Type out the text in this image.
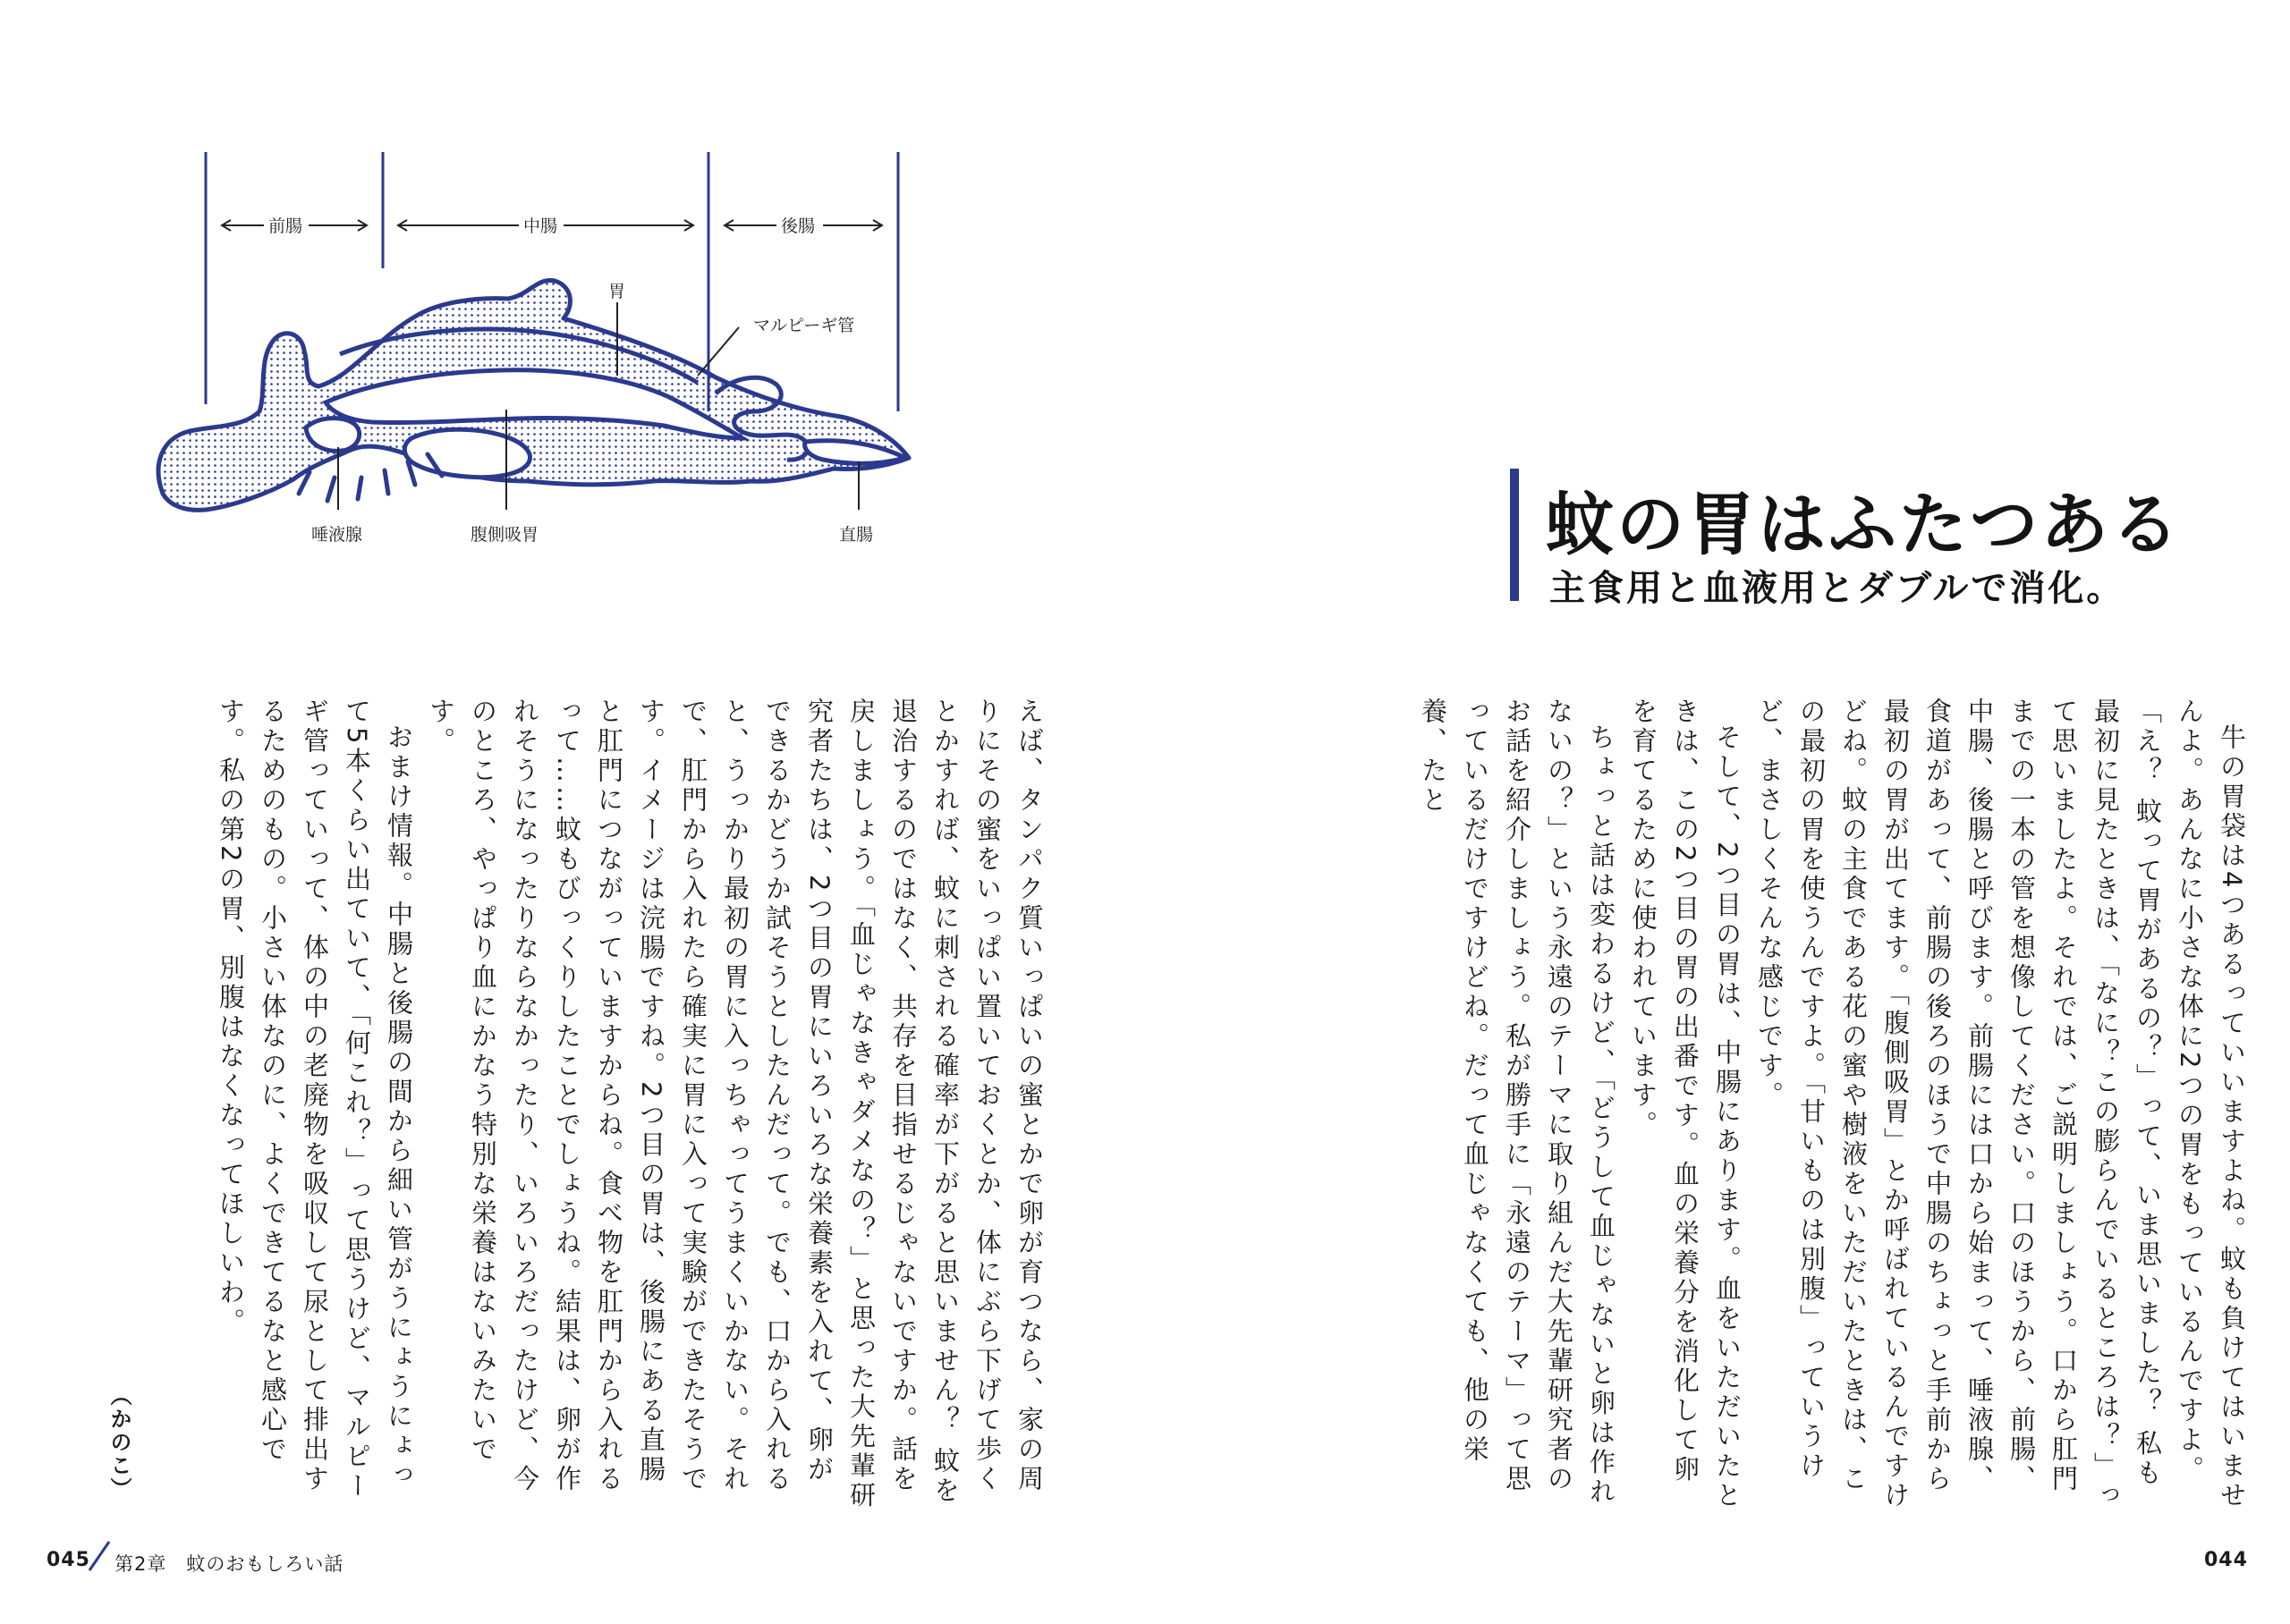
前腸	中腸	後腸
胃
マルピーギ管
唾液腺	腹側吸胃	直腸	蚊の胃はふたつある
主食用と血液用とダブルで消化。

牛の胃袋は4つあるっていいますよね。蚊も負けてはいませんよ。あんなに小さな体に2つの胃をもっているんですよ。

「え？ 蚊って胃があるの？」って、いま思いました？ 私も最初に見たときは、「なに？この膨らんでいるところは？」って思いましたよ。それでは、ご説明しましょう。口から肛門までの一本の管を想像してください。口のほうから、前腸、中腸、後腸と呼びます。前腸には口から始まって、唾液腺、食道があって、前腸の後ろのほうで中腸のちょっと手前から最初の胃が出てます。「腹側吸胃」とか呼ばれているんですけどね。蚊の主食である花の蜜や樹液をいただいたときは、この最初の胃を使うんですよ。「甘いものは別腹」っていうけど、まさしくそんな感じです。

そして、2つ目の胃は、中腸にあります。血をいただいたときは、この2つ目の胃の出番です。血の栄養分を消化して卵を育てるために使われています。

ちょっと話は変わるけど、「どうして血じゃないと卵は作れないの？」という永遠のテーマに取り組んだ大先輩研究者のお話を紹介しましょう。私が勝手に「永遠のテーマ」って思っているだけですけどね。だって血じゃなくても、他の栄養、たと

えば、タンパク質いっぱいの蜜とかで卵が育つなら、家の周りにその蜜をいっぱい置いておくとか、体にぶら下げて歩くとかすれば、蚊に刺される確率が下がると思いません？ 蚊を退治するのではなく、共存を目指せるじゃないですか。話を戻しましょう。「血じゃなきゃダメなの？」と思った大先輩研究者たちは、2つ目の胃にいろいろな栄養素を入れて、卵ができるかどうか試そうとしたんだって。でも、口から入れると、うっかり最初の胃に入っちゃってうまくいかない。それで、肛門から入れたら確実に胃に入って実験ができたそうです。イメージは浣腸ですね。2つ目の胃は、後腸にある直腸と肛門につながっていますからね。食べ物を肛門から入れるって……蚊もびっくりしたことでしょうね。結果は、卵が作れそうになったりならなかったり、いろいろだったけど、今のところ、やっぱり血にかなう特別な栄養はないみたいです。

おまけ情報。中腸と後腸の間から細い管がうにょうにょって5本くらい出ていて、「何これ？」って思うけど、マルピーギ管っていって、体の中の老廃物を吸収して尿として排出するためのもの。小さい体なのに、よくできてるなと感心です。私の第2の胃、別腹はなくなってほしいわ。

（かのこ）
045 第2章　蚊のおもしろい話	044
